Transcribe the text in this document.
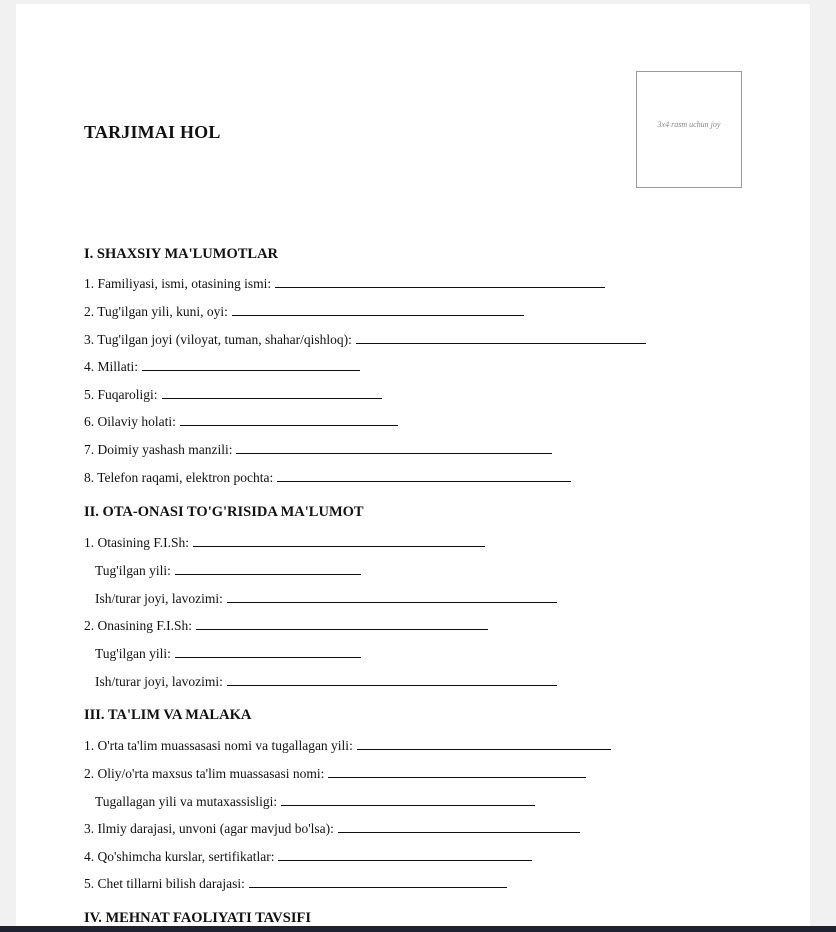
TARJIMAI HOL	3x4 rasm uchun joy
I. SHAXSIY MA'LUMOTLAR
1. Familiyasi, ismi, otasining ismi:
2. Tug'ilgan yili, kuni, oyi:
3. Tug'ilgan joyi (viloyat, tuman, shahar/qishloq):
4. Millati:
5. Fuqaroligi:
6. Oilaviy holati:
7. Doimiy yashash manzili:
8. Telefon raqami, elektron pochta:
II. OTA-ONASI TO'G'RISIDA MA'LUMOT
1. Otasining F.I.Sh:
Tug'ilgan yili:
Ish/turar joyi, lavozimi:
2. Onasining F.I.Sh:
Tug'ilgan yili:
Ish/turar joyi, lavozimi:
III. TA'LIM VA MALAKA
1. O'rta ta'lim muassasasi nomi va tugallagan yili:
2. Oliy/o'rta maxsus ta'lim muassasasi nomi:
Tugallagan yili va mutaxassisligi:
3. Ilmiy darajasi, unvoni (agar mavjud bo'lsa):
4. Qo'shimcha kurslar, sertifikatlar:
5. Chet tillarni bilish darajasi:
IV. MEHNAT FAOLIYATI TAVSIFI
